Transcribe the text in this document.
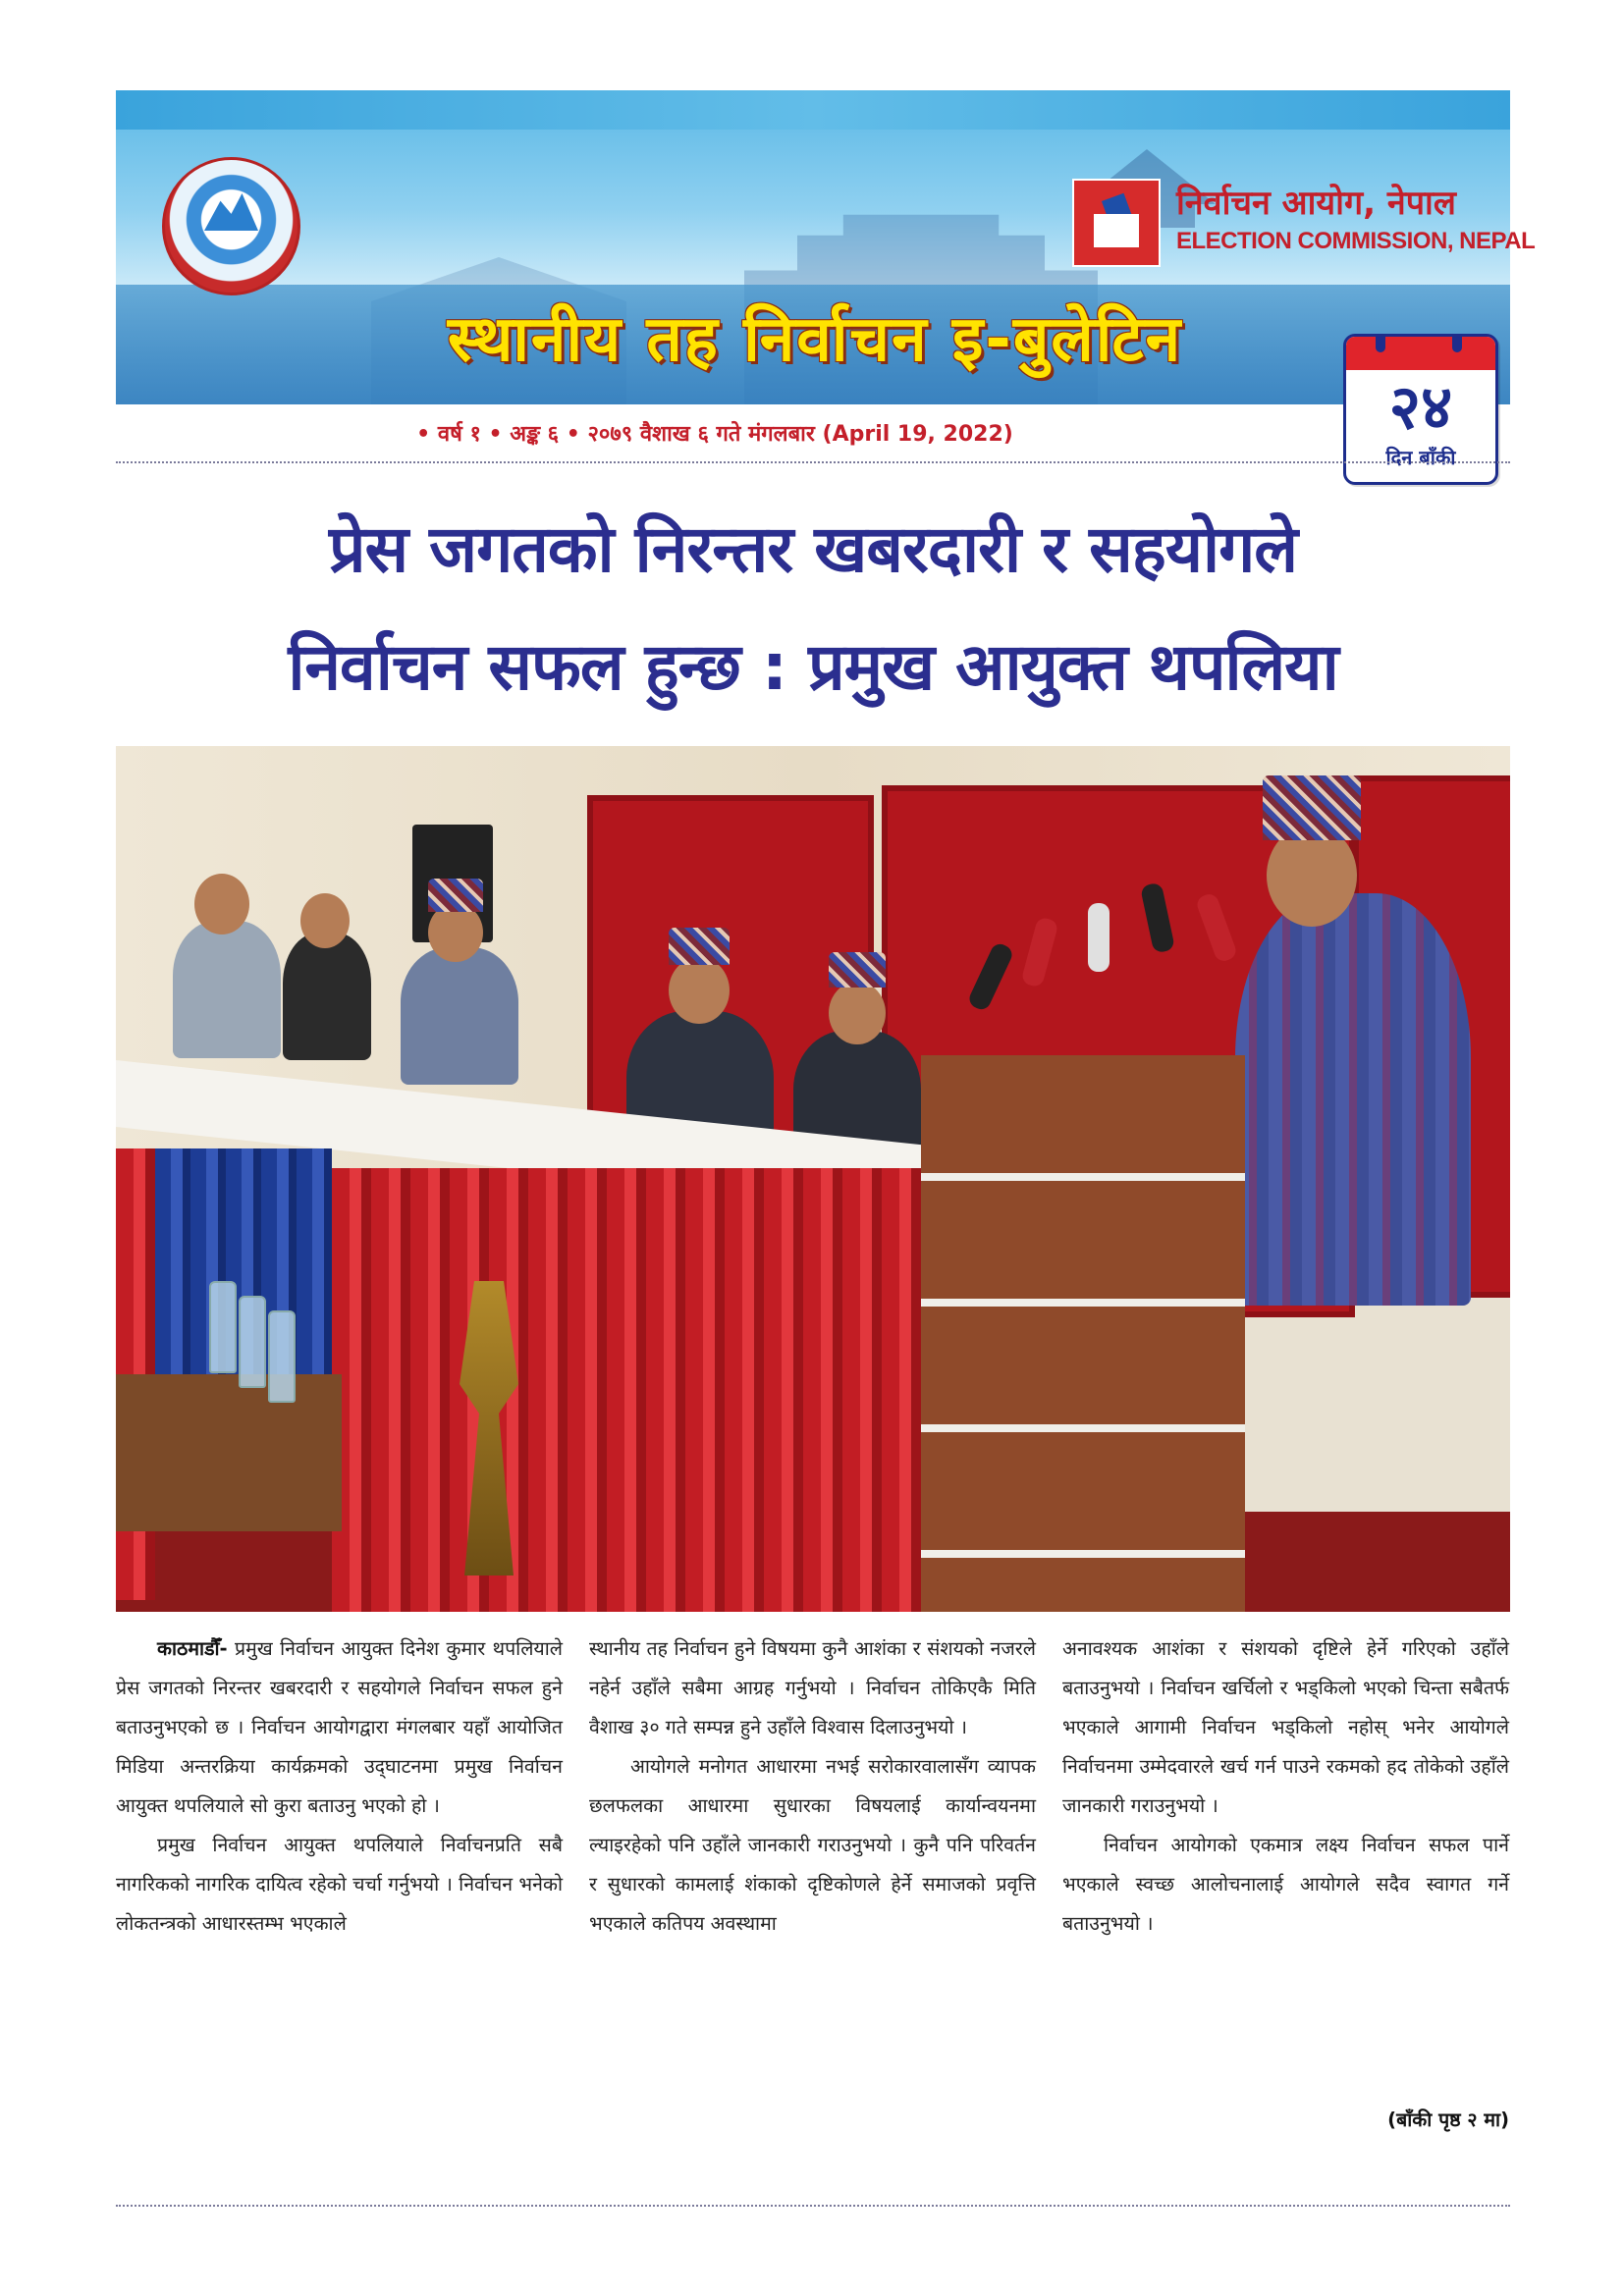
निर्वाचन आयोग, नेपाल
ELECTION COMMISSION, NEPAL
स्थानीय तह निर्वाचन इ-बुलेटिन
२४
दिन बाँकी
• वर्ष १ • अङ्क ६ • २०७९ वैशाख ६ गते मंगलबार (April 19, 2022)
प्रेस जगतको निरन्तर खबरदारी र सहयोगले
निर्वाचन सफल हुन्छ : प्रमुख आयुक्त थपलिया

काठमाडौँ- प्रमुख निर्वाचन आयुक्त दिनेश कुमार थपलियाले प्रेस जगतको निरन्तर खबरदारी र सहयोगले निर्वाचन सफल हुने बताउनुभएको छ । निर्वाचन आयोगद्वारा मंगलबार यहाँ आयोजित मिडिया अन्तरक्रिया कार्यक्रमको उद्‌घाटनमा प्रमुख निर्वाचन आयुक्त थपलियाले सो कुरा बताउनु भएको हो ।

प्रमुख निर्वाचन आयुक्त थपलियाले निर्वाचनप्रति सबै नागरिकको नागरिक दायित्व रहेको चर्चा गर्नुभयो । निर्वाचन भनेको लोकतन्त्रको आधारस्तम्भ भएकाले

स्थानीय तह निर्वाचन हुने विषयमा कुनै आशंका र संशयको नजरले नहेर्न उहाँले सबैमा आग्रह गर्नुभयो । निर्वाचन तोकिएकै मिति वैशाख ३० गते सम्पन्न हुने उहाँले विश्वास दिलाउनुभयो ।

आयोगले मनोगत आधारमा नभई सरोकारवालासँग व्यापक छलफलका आधारमा सुधारका विषयलाई कार्यान्वयनमा ल्याइरहेको पनि उहाँले जानकारी गराउनुभयो । कुनै पनि परिवर्तन र सुधारको कामलाई शंकाको दृष्टिकोणले हेर्ने समाजको प्रवृत्ति भएकाले कतिपय अवस्थामा

अनावश्यक आशंका र संशयको दृष्टिले हेर्ने गरिएको उहाँले बताउनुभयो । निर्वाचन खर्चिलो र भड्किलो भएको चिन्ता सबैतर्फ भएकाले आगामी निर्वाचन भड्किलो नहोस् भनेर आयोगले निर्वाचनमा उम्मेदवारले खर्च गर्न पाउने रकमको हद तोकेको उहाँले जानकारी गराउनुभयो ।

निर्वाचन आयोगको एकमात्र लक्ष्य निर्वाचन सफल पार्ने भएकाले स्वच्छ आलोचनालाई आयोगले सदैव स्वागत गर्ने बताउनुभयो ।

(बाँकी पृष्ठ २ मा)
